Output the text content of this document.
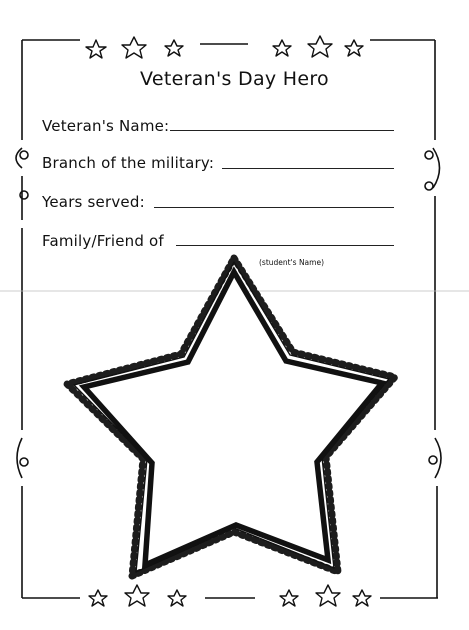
Veteran's Day Hero
Veteran's Name:
Branch of the military:
Years served:
Family/Friend of
(student's Name)
